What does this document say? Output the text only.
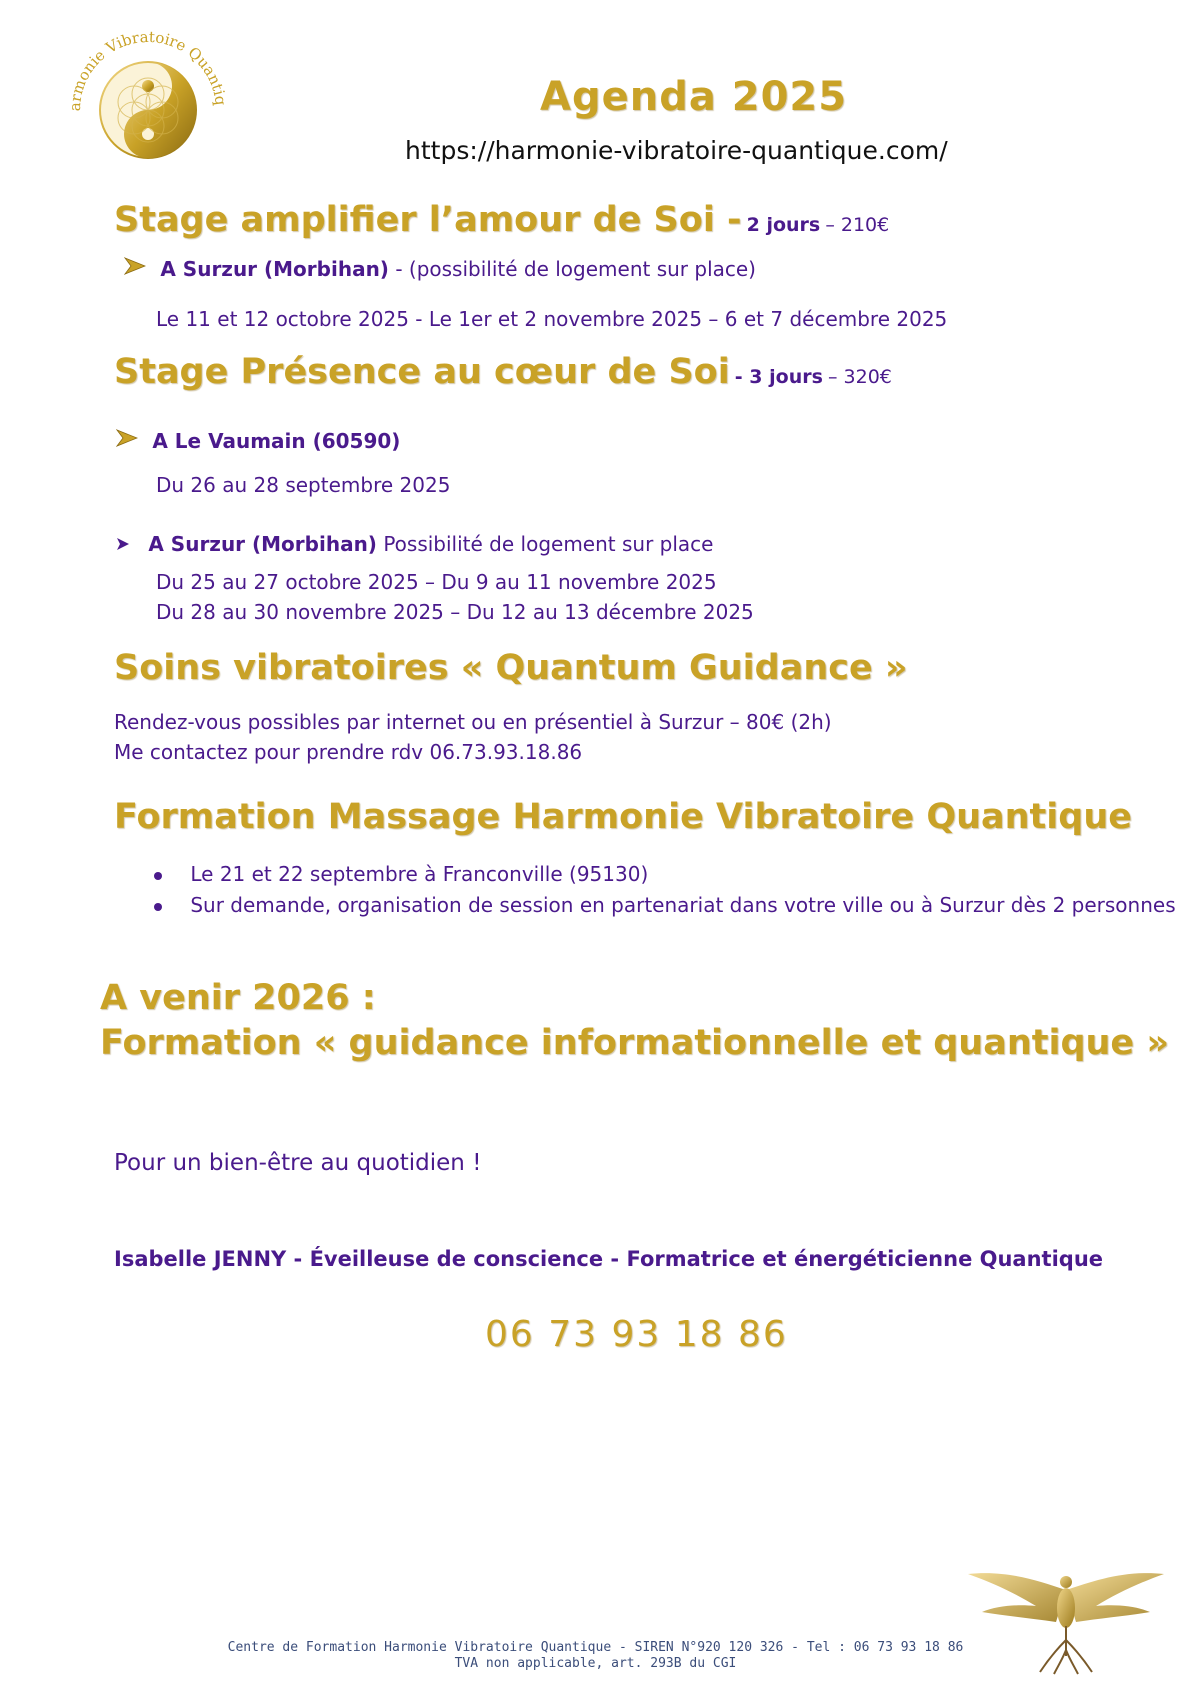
armonie Vibratoire Quantiq	Agenda 2025
https://harmonie-vibratoire-quantique.com/
Stage amplifier l’amour de Soi - 2 jours – 210€
A Surzur (Morbihan) - (possibilité de logement sur place)
Le 11 et 12 octobre 2025 - Le 1er et 2 novembre 2025 – 6 et 7 décembre 2025
Stage Présence au cœur de Soi - 3 jours – 320€
A Le Vaumain (60590)
Du 26 au 28 septembre 2025
A Surzur (Morbihan) Possibilité de logement sur place
Du 25 au 27 octobre 2025 – Du 9 au 11 novembre 2025
Du 28 au 30 novembre 2025 – Du 12 au 13 décembre 2025
Soins vibratoires « Quantum Guidance »
Rendez-vous possibles par internet ou en présentiel à Surzur – 80€ (2h)
Me contactez pour prendre rdv 06.73.93.18.86
Formation Massage Harmonie Vibratoire Quantique
Le 21 et 22 septembre à Franconville (95130)
Sur demande, organisation de session en partenariat dans votre ville ou à Surzur dès 2 personnes
A venir 2026 :
Formation « guidance informationnelle et quantique »
Pour un bien-être au quotidien !
Isabelle JENNY - Éveilleuse de conscience - Formatrice et énergéticienne Quantique
06 73 93 18 86
Centre de Formation Harmonie Vibratoire Quantique - SIREN N°920 120 326 - Tel : 06 73 93 18 86
TVA non applicable, art. 293B du CGI
